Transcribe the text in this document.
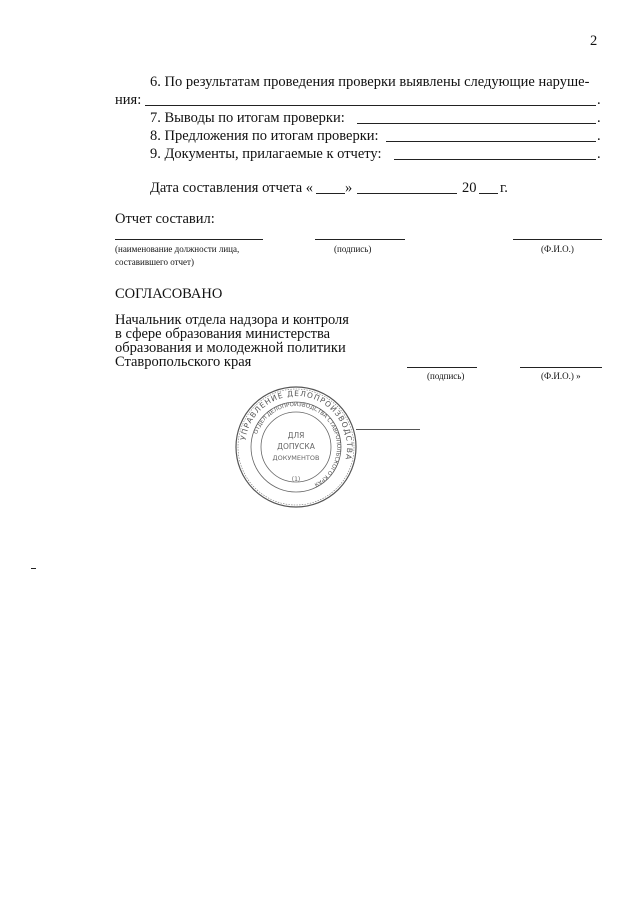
2
6. По результатам проведения проверки выявлены следующие наруше-
ния:	.
7. Выводы по итогам проверки:	.
8. Предложения по итогам проверки:	.
9. Документы, прилагаемые к отчету:	.
Дата составления отчета « »	20 г.
Отчет составил:
(наименование должности лица,
составившего отчет)
(подпись)	(Ф.И.О.)
СОГЛАСОВАНО
Начальник отдела надзора и контроля
в сфере образования министерства
образования и молодежной политики
Ставропольского края
(подпись)	(Ф.И.О.) »
УПРАВЛЕНИЕ ДЕЛОПРОИЗВОДСТВА
ОТДЕЛ ДЕЛОПРОИЗВОДСТВА СТАВРОПОЛЬСКОГО КРАЯ
ДЛЯ
ДОПУСКА
ДОКУМЕНТОВ
(1)
